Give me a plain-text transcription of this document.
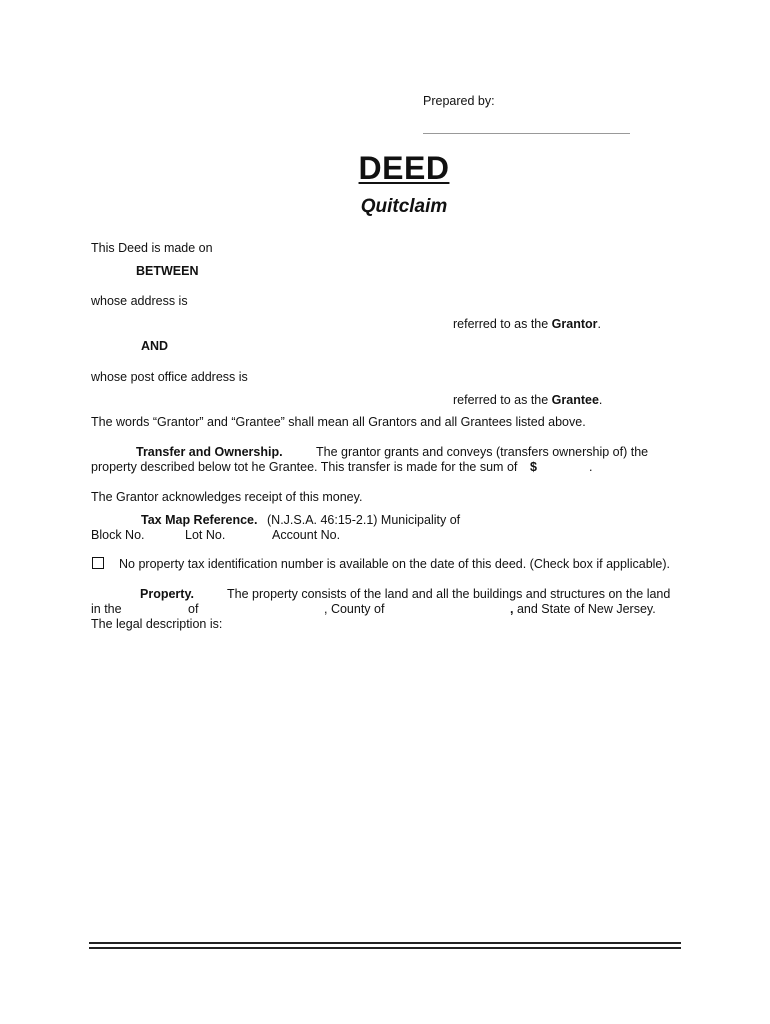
Prepared by:
DEED
Quitclaim
This Deed is made on
BETWEEN
whose address is
referred to as the Grantor.
AND
whose post office address is
referred to as the Grantee.
The words “Grantor” and “Grantee” shall mean all Grantors and all Grantees listed above.
Transfer and Ownership.	The grantor grants and conveys (transfers ownership of) the
property described below tot he Grantee. This transfer is made for the sum of $	.
The Grantor acknowledges receipt of this money.
Tax Map Reference. (N.J.S.A. 46:15-2.1) Municipality of
Block No.	Lot No.	Account No.
No property tax identification number is available on the date of this deed. (Check box if applicable).
Property.	The property consists of the land and all the buildings and structures on the land
in the	of	, County of	, and State of New Jersey.
The legal description is:
